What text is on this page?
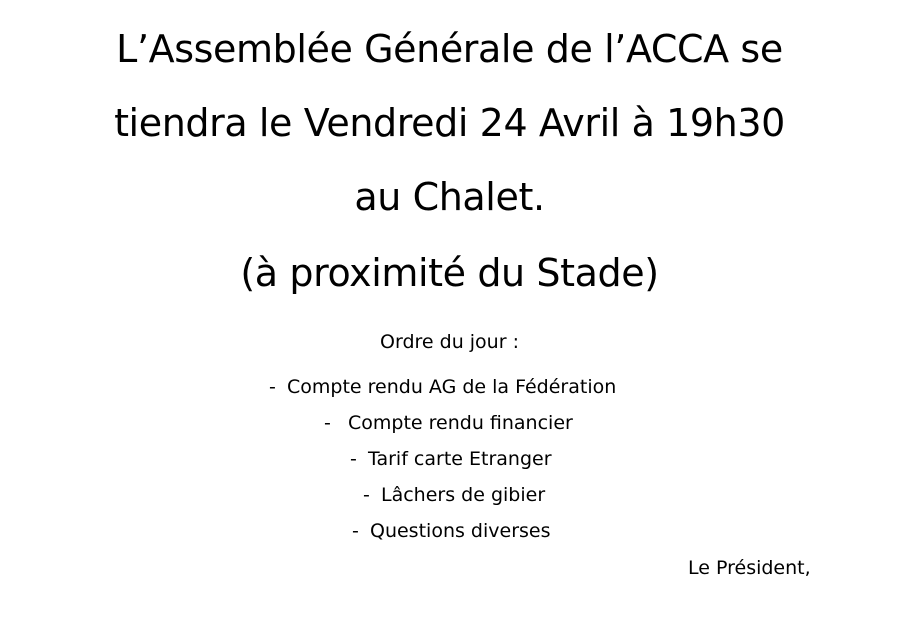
L’Assemblée Générale de l’ACCA se
tiendra le Vendredi 24 Avril à 19h30
au Chalet.
(à proximité du Stade)
Ordre du jour :
- Compte rendu AG de la Fédération
- Compte rendu financier
- Tarif carte Etranger
- Lâchers de gibier
- Questions diverses
Le Président,
